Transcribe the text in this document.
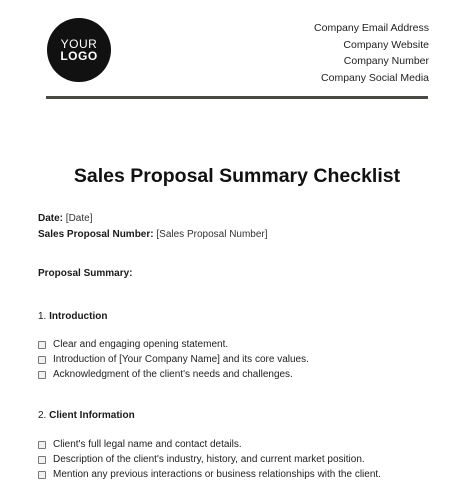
YOUR
LOGO
Company Email Address
Company Website
Company Number
Company Social Media
Sales Proposal Summary Checklist
Date: [Date]
Sales Proposal Number: [Sales Proposal Number]
Proposal Summary:
1. Introduction
Clear and engaging opening statement.
Introduction of [Your Company Name] and its core values.
Acknowledgment of the client's needs and challenges.
2. Client Information
Client's full legal name and contact details.
Description of the client's industry, history, and current market position.
Mention any previous interactions or business relationships with the client.
